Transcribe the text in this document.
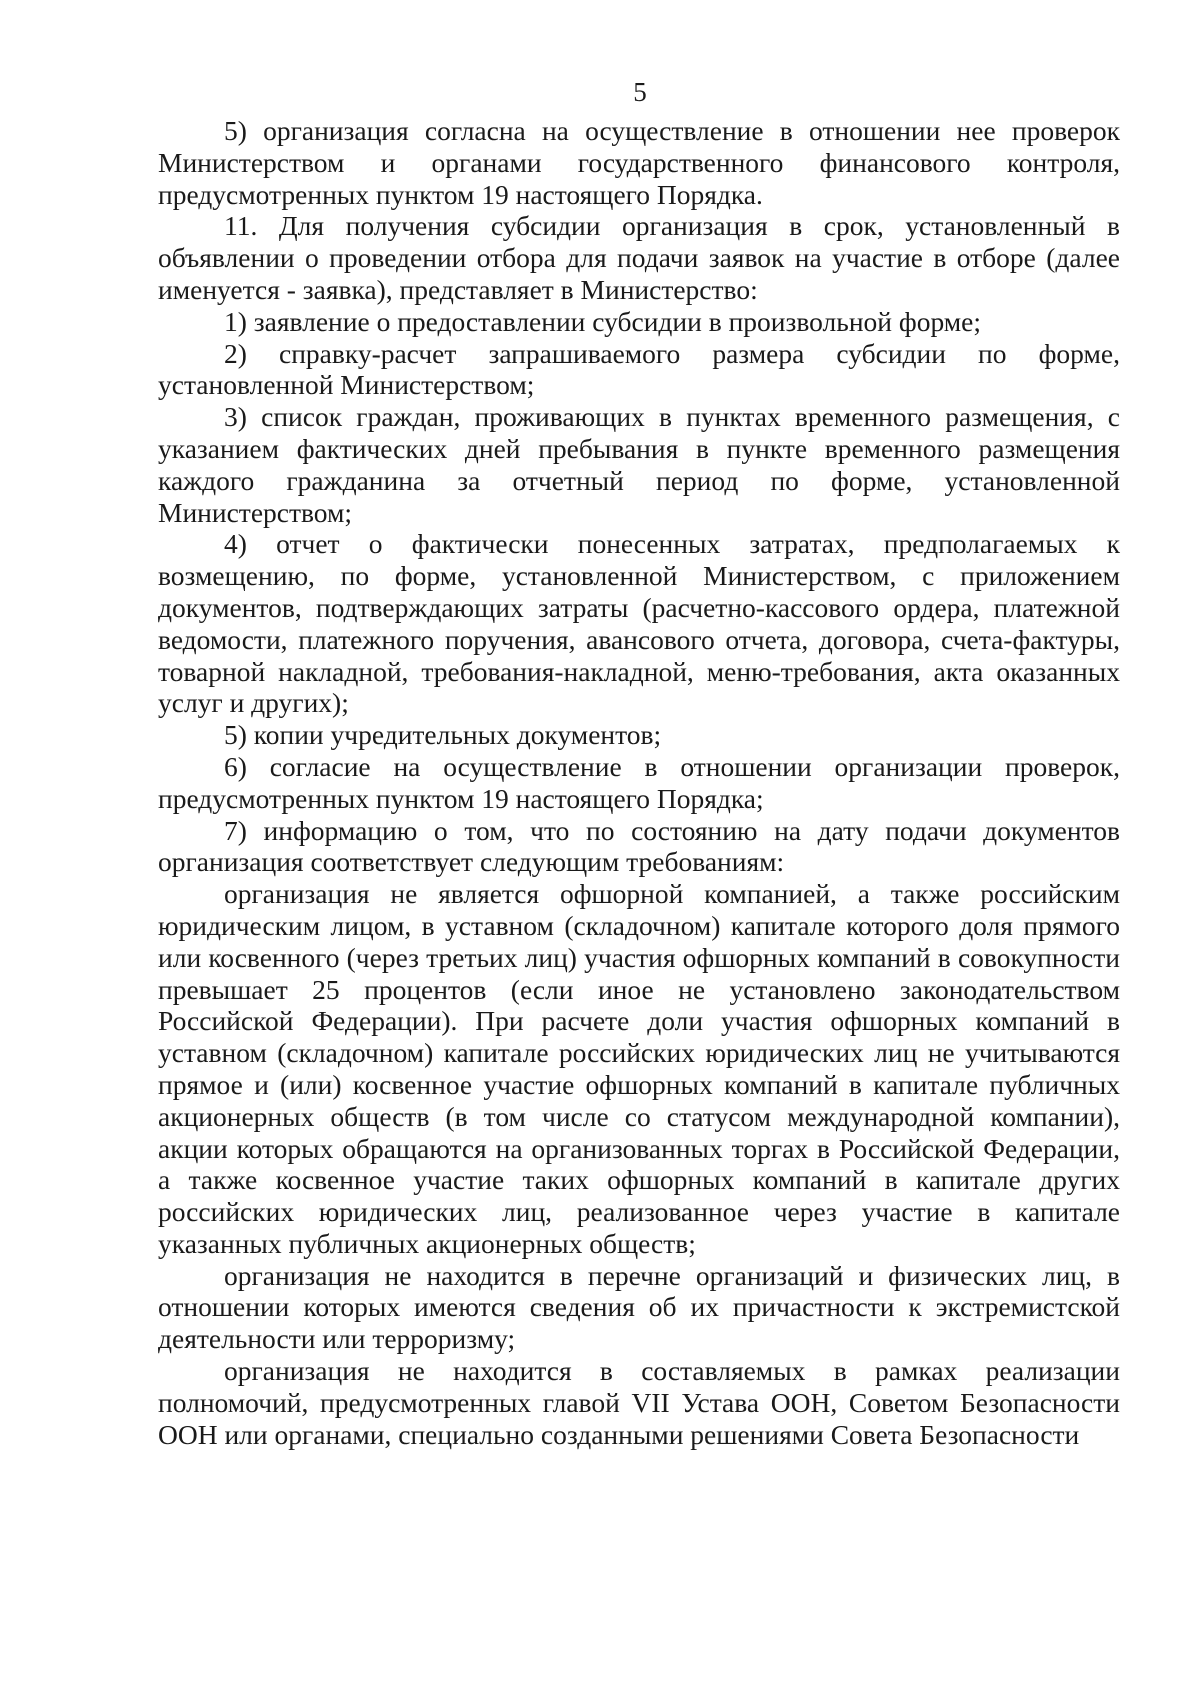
5

5) организация согласна на осуществление в отношении нее проверок Министерством и органами государственного финансового контроля, предусмотренных пунктом 19 настоящего Порядка.

11. Для получения субсидии организация в срок, установленный в объявлении о проведении отбора для подачи заявок на участие в отборе (далее именуется - заявка), представляет в Министерство:

1) заявление о предоставлении субсидии в произвольной форме;

2) справку-расчет запрашиваемого размера субсидии по форме, установленной Министерством;

3) список граждан, проживающих в пунктах временного размещения, с указанием фактических дней пребывания в пункте временного размещения каждого гражданина за отчетный период по форме, установленной Министерством;

4) отчет о фактически понесенных затратах, предполагаемых к возмещению, по форме, установленной Министерством, с приложением документов, подтверждающих затраты (расчетно-кассового ордера, платежной ведомости, платежного поручения, авансового отчета, договора, счета-фактуры, товарной накладной, требования-накладной, меню-требования, акта оказанных услуг и других);

5) копии учредительных документов;

6) согласие на осуществление в отношении организации проверок, предусмотренных пунктом 19 настоящего Порядка;

7) информацию о том, что по состоянию на дату подачи документов организация соответствует следующим требованиям:

организация не является офшорной компанией, а также российским юридическим лицом, в уставном (складочном) капитале которого доля прямого или косвенного (через третьих лиц) участия офшорных компаний в совокупности превышает 25 процентов (если иное не установлено законодательством Российской Федерации). При расчете доли участия офшорных компаний в уставном (складочном) капитале российских юридических лиц не учитываются прямое и (или) косвенное участие офшорных компаний в капитале публичных акционерных обществ (в том числе со статусом международной компании), акции которых обращаются на организованных торгах в Российской Федерации, а также косвенное участие таких офшорных компаний в капитале других российских юридических лиц, реализованное через участие в капитале указанных публичных акционерных обществ;

организация не находится в перечне организаций и физических лиц, в отношении которых имеются сведения об их причастности к экстремистской деятельности или терроризму;

организация не находится в составляемых в рамках реализации полномочий, предусмотренных главой VII Устава ООН, Советом Безопасности ООН или органами, специально созданными решениями Совета Безопасности
